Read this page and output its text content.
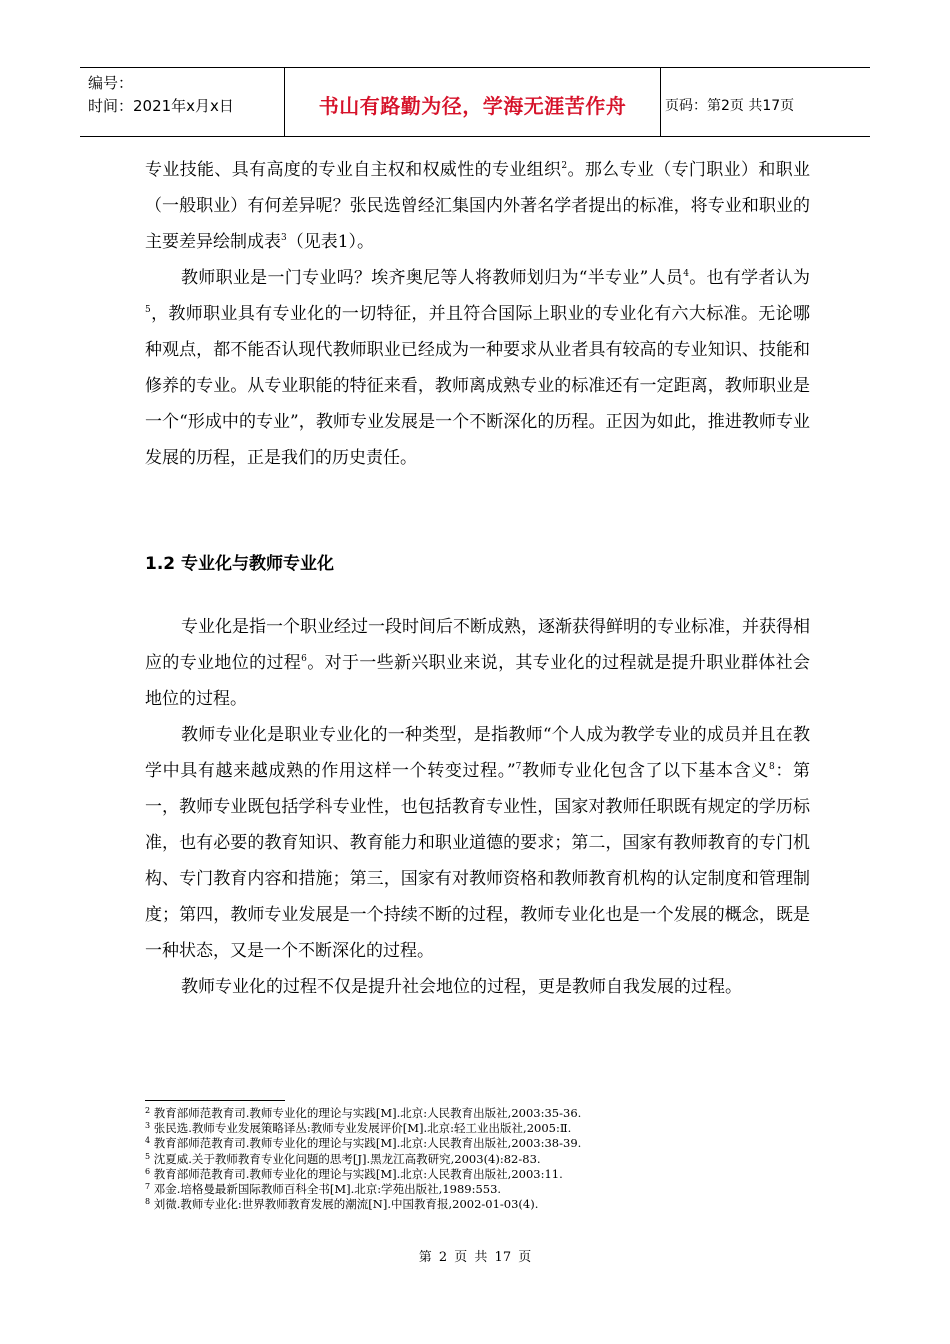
编号：
时间：2021年x月x日	书山有路勤为径，学海无涯苦作舟	页码：第2页 共17页

专业技能、具有高度的专业自主权和权威性的专业组织$^2$。那么专业（专门职业）和职业（一般职业）有何差异呢？张民选曾经汇集国内外著名学者提出的标准，将专业和职业的主要差异绘制成表$^3$（见表1）。

教师职业是一门专业吗？埃齐奥尼等人将教师划归为“半专业”人员$^4$。也有学者认为$^5$，教师职业具有专业化的一切特征，并且符合国际上职业的专业化有六大标准。无论哪种观点，都不能否认现代教师职业已经成为一种要求从业者具有较高的专业知识、技能和修养的专业。从专业职能的特征来看，教师离成熟专业的标准还有一定距离，教师职业是一个“形成中的专业”，教师专业发展是一个不断深化的历程。正因为如此，推进教师专业发展的历程，正是我们的历史责任。

1.2 专业化与教师专业化

专业化是指一个职业经过一段时间后不断成熟，逐渐获得鲜明的专业标准，并获得相应的专业地位的过程$^6$。对于一些新兴职业来说，其专业化的过程就是提升职业群体社会地位的过程。

教师专业化是职业专业化的一种类型，是指教师“个人成为教学专业的成员并且在教学中具有越来越成熟的作用这样一个转变过程。”$^7$教师专业化包含了以下基本含义$^8$：第一，教师专业既包括学科专业性，也包括教育专业性，国家对教师任职既有规定的学历标准，也有必要的教育知识、教育能力和职业道德的要求；第二，国家有教师教育的专门机构、专门教育内容和措施；第三，国家有对教师资格和教师教育机构的认定制度和管理制度；第四，教师专业发展是一个持续不断的过程，教师专业化也是一个发展的概念，既是一种状态，又是一个不断深化的过程。

教师专业化的过程不仅是提升社会地位的过程，更是教师自我发展的过程。

$^2$ 教育部师范教育司.教师专业化的理论与实践[M].北京:人民教育出版社,2003:35-36.
$^3$ 张民选.教师专业发展策略译丛:教师专业发展评价[M].北京:轻工业出版社,2005:Ⅱ.
$^4$ 教育部师范教育司.教师专业化的理论与实践[M].北京:人民教育出版社,2003:38-39.
$^5$ 沈夏威.关于教师教育专业化问题的思考[J].黑龙江高教研究,2003(4):82-83.
$^6$ 教育部师范教育司.教师专业化的理论与实践[M].北京:人民教育出版社,2003:11.
$^7$ 邓金.培格曼最新国际教师百科全书[M].北京:学苑出版社,1989:553.
$^8$ 刘微.教师专业化:世界教师教育发展的潮流[N].中国教育报,2002-01-03(4).
第 2 页 共 17 页
